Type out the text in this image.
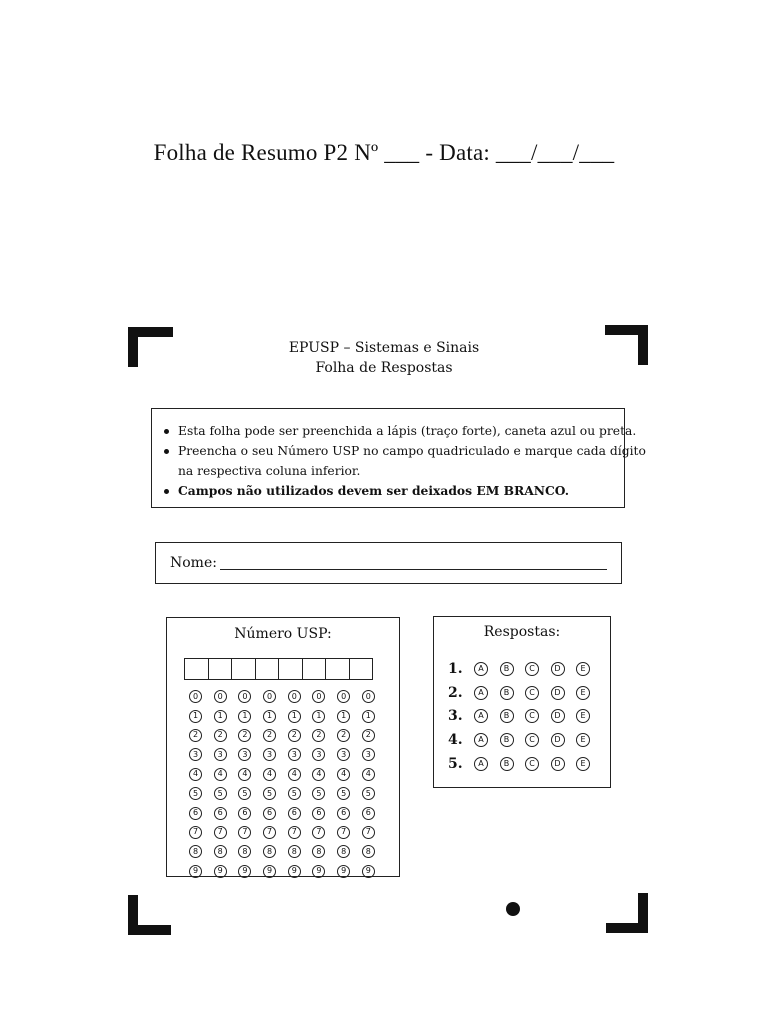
Folha de Resumo P2 Nº ___ - Data: ___/___/___
EPUSP – Sistemas e Sinais
Folha de Respostas
Esta folha pode ser preenchida a lápis (traço forte), caneta azul ou preta.
Preencha o seu Número USP no campo quadriculado e marque cada dígito
na respectiva coluna inferior.
Campos não utilizados devem ser deixados EM BRANCO.
Nome:
Número USP:
0	0	0	0	0	0	0	0
1	1	1	1	1	1	1	1
2	2	2	2	2	2	2	2
3	3	3	3	3	3	3	3
4	4	4	4	4	4	4	4
5	5	5	5	5	5	5	5
6	6	6	6	6	6	6	6
7	7	7	7	7	7	7	7
8	8	8	8	8	8	8	8
9	9	9	9	9	9	9	9
Respostas:
1.	A	B	C	D	E
2.	A	B	C	D	E
3.	A	B	C	D	E
4.	A	B	C	D	E
5.	A	B	C	D	E
